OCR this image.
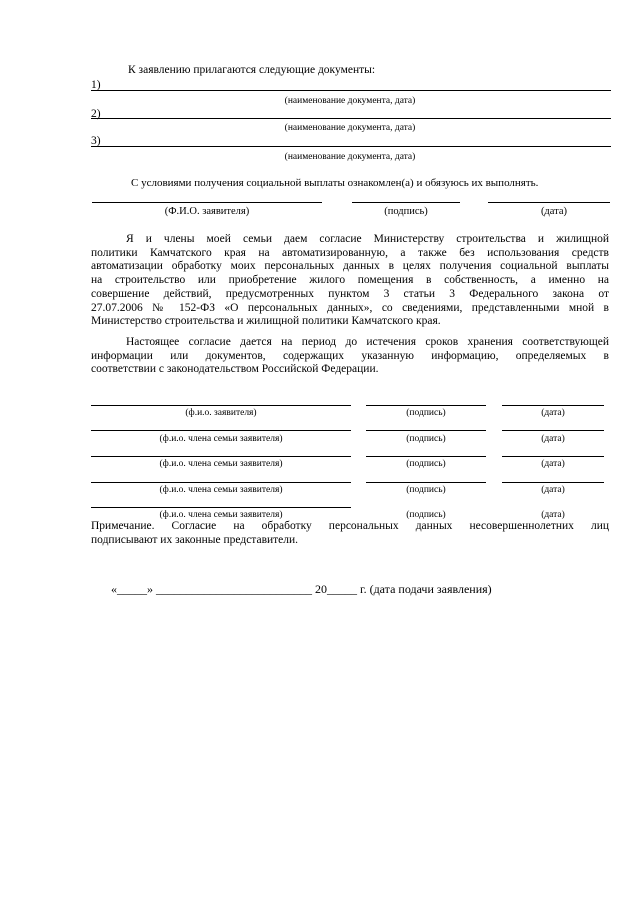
К заявлению прилагаются следующие документы:
1)
(наименование документа, дата)
2)
(наименование документа, дата)
3)
(наименование документа, дата)
С условиями получения социальной выплаты ознакомлен(а) и обязуюсь их выполнять.
(Ф.И.О. заявителя)	(подпись)	(дата)
Я и члены моей семьи даем согласие Министерству строительства и жилищной
политики Камчатского края на автоматизированную, а также без использования средств
автоматизации обработку моих персональных данных в целях получения социальной выплаты
на строительство или приобретение жилого помещения в собственность, а именно на
совершение действий, предусмотренных пунктом 3 статьи 3 Федерального закона от
27.07.2006 № 152-ФЗ «О персональных данных», со сведениями, представленными мной в
Министерство строительства и жилищной политики Камчатского края.
Настоящее согласие дается на период до истечения сроков хранения соответствующей
информации или документов, содержащих указанную информацию, определяемых в
соответствии с законодательством Российской Федерации.
(ф.и.о. заявителя)	(подпись)	(дата)
(ф.и.о. члена семьи заявителя)	(подпись)	(дата)
(ф.и.о. члена семьи заявителя)	(подпись)	(дата)
(ф.и.о. члена семьи заявителя)	(подпись)	(дата)
(ф.и.о. члена семьи заявителя)	(подпись)	(дата)
Примечание. Согласие на обработку персональных данных несовершеннолетних лиц
подписывают их законные представители.
«_____» __________________________ 20_____ г. (дата подачи заявления)
